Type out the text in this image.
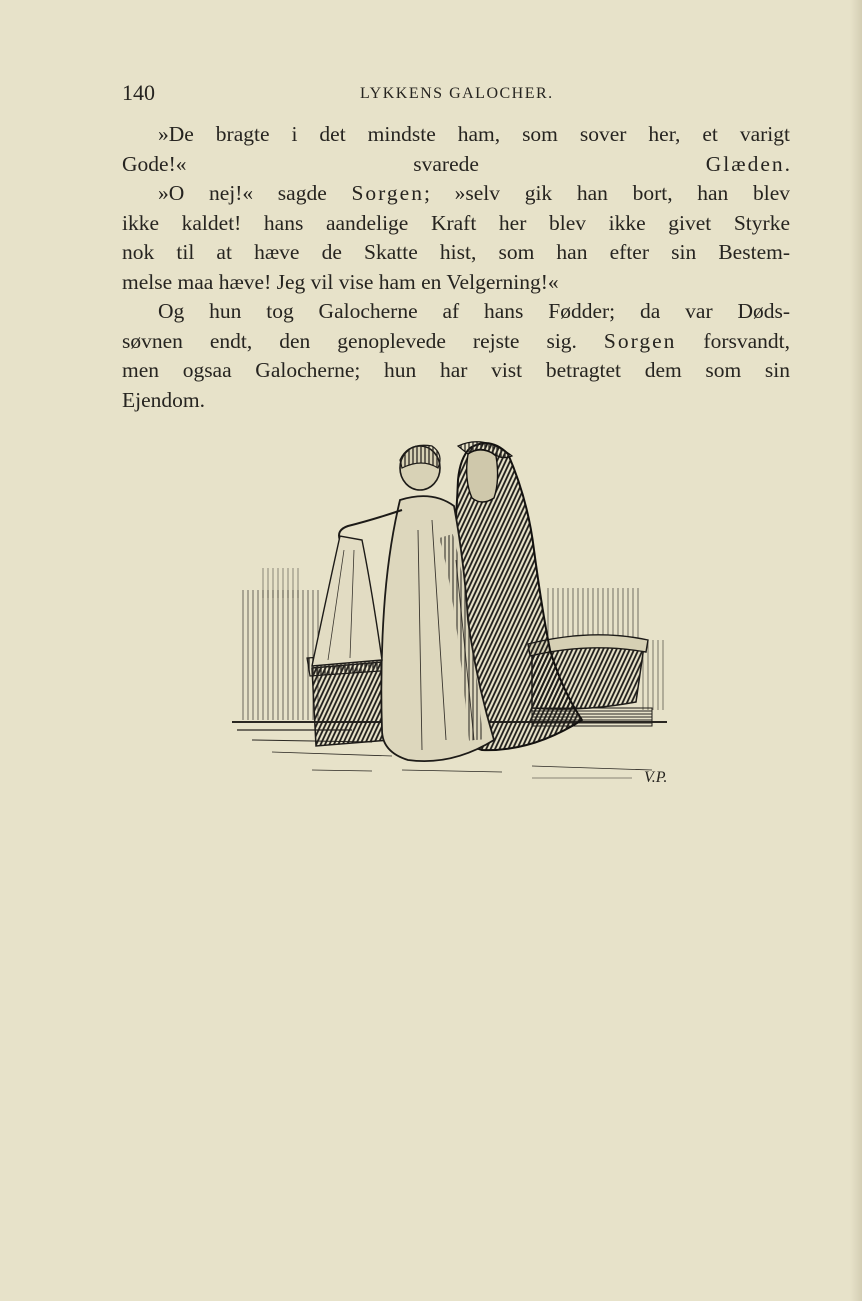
140	LYKKENS GALOCHER.
»De bragte i det mindste ham, som sover her, et varigt
Gode!« svarede Glæden.
»O nej!« sagde Sorgen; »selv gik han bort, han blev
ikke kaldet! hans aandelige Kraft her blev ikke givet Styrke
nok til at hæve de Skatte hist, som han efter sin Bestem-
melse maa hæve! Jeg vil vise ham en Velgerning!«
Og hun tog Galocherne af hans Fødder; da var Døds-
søvnen endt, den genoplevede rejste sig. Sorgen forsvandt,
men ogsaa Galocherne; hun har vist betragtet dem som sin
Ejendom.
V.P.
